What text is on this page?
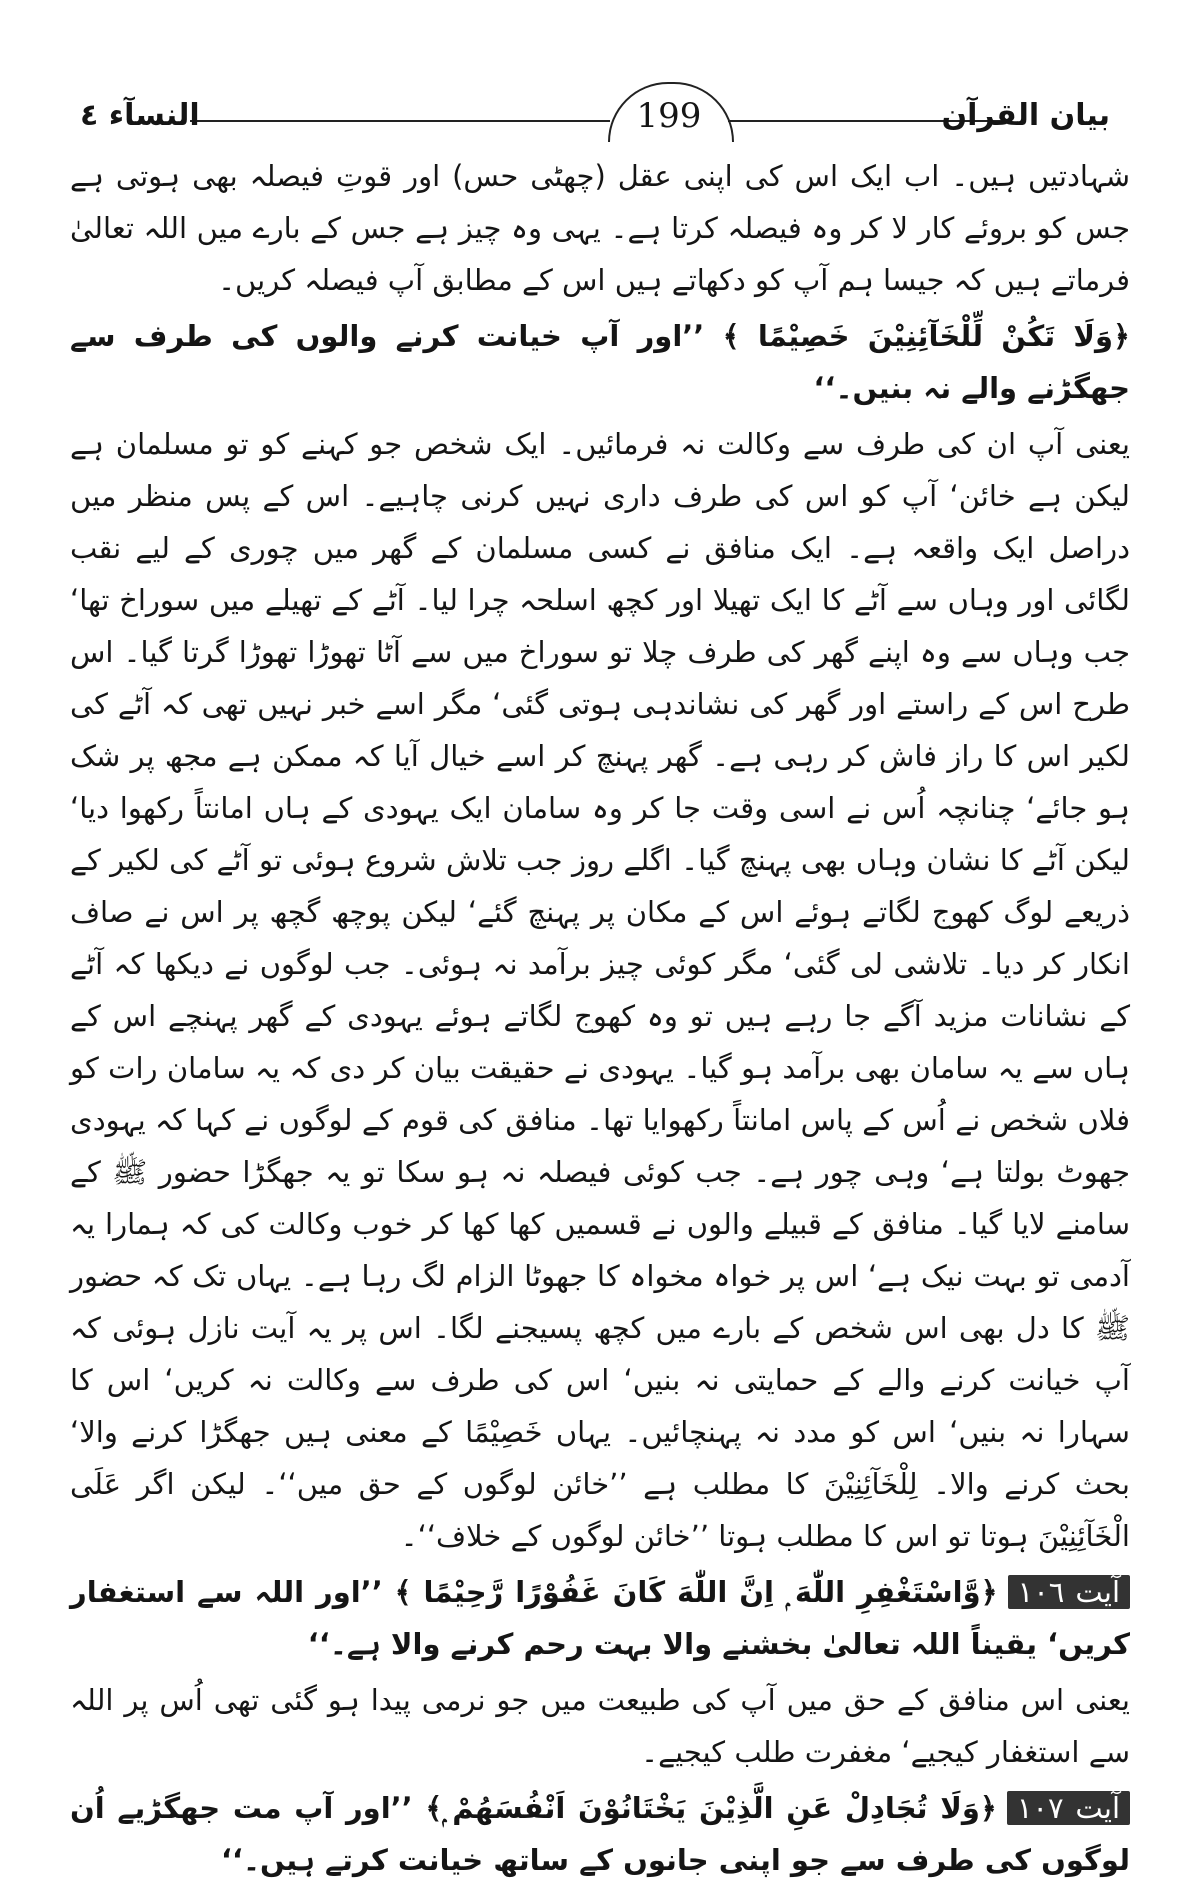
199
النسآء ٤	بیان القرآن

شہادتیں ہیں۔ اب ایک اس کی اپنی عقل (چھٹی حس) اور قوتِ فیصلہ بھی ہوتی ہے جس کو بروئے کار لا کر وہ فیصلہ کرتا ہے۔ یہی وہ چیز ہے جس کے بارے میں اللہ تعالیٰ فرماتے ہیں کہ جیسا ہم آپ کو دکھاتے ہیں اس کے مطابق آپ فیصلہ کریں۔

﴿وَلَا تَكُنْ لِّلْخَآئِنِيْنَ خَصِيْمًا ﴾ ’’اور آپ خیانت کرنے والوں کی طرف سے جھگڑنے والے نہ بنیں۔‘‘

یعنی آپ ان کی طرف سے وکالت نہ فرمائیں۔ ایک شخص جو کہنے کو تو مسلمان ہے لیکن ہے خائن‘ آپ کو اس کی طرف داری نہیں کرنی چاہیے۔ اس کے پس منظر میں دراصل ایک واقعہ ہے۔ ایک منافق نے کسی مسلمان کے گھر میں چوری کے لیے نقب لگائی اور وہاں سے آٹے کا ایک تھیلا اور کچھ اسلحہ چرا لیا۔ آٹے کے تھیلے میں سوراخ تھا‘ جب وہاں سے وہ اپنے گھر کی طرف چلا تو سوراخ میں سے آٹا تھوڑا تھوڑا گرتا گیا۔ اس طرح اس کے راستے اور گھر کی نشاندہی ہوتی گئی‘ مگر اسے خبر نہیں تھی کہ آٹے کی لکیر اس کا راز فاش کر رہی ہے۔ گھر پہنچ کر اسے خیال آیا کہ ممکن ہے مجھ پر شک ہو جائے‘ چنانچہ اُس نے اسی وقت جا کر وہ سامان ایک یہودی کے ہاں امانتاً رکھوا دیا‘ لیکن آٹے کا نشان وہاں بھی پہنچ گیا۔ اگلے روز جب تلاش شروع ہوئی تو آٹے کی لکیر کے ذریعے لوگ کھوج لگاتے ہوئے اس کے مکان پر پہنچ گئے‘ لیکن پوچھ گچھ پر اس نے صاف انکار کر دیا۔ تلاشی لی گئی‘ مگر کوئی چیز برآمد نہ ہوئی۔ جب لوگوں نے دیکھا کہ آٹے کے نشانات مزید آگے جا رہے ہیں تو وہ کھوج لگاتے ہوئے یہودی کے گھر پہنچے اس کے ہاں سے یہ سامان بھی برآمد ہو گیا۔ یہودی نے حقیقت بیان کر دی کہ یہ سامان رات کو فلاں شخص نے اُس کے پاس امانتاً رکھوایا تھا۔ منافق کی قوم کے لوگوں نے کہا کہ یہودی جھوٹ بولتا ہے‘ وہی چور ہے۔ جب کوئی فیصلہ نہ ہو سکا تو یہ جھگڑا حضور ﷺ کے سامنے لایا گیا۔ منافق کے قبیلے والوں نے قسمیں کھا کھا کر خوب وکالت کی کہ ہمارا یہ آدمی تو بہت نیک ہے‘ اس پر خواہ مخواہ کا جھوٹا الزام لگ رہا ہے۔ یہاں تک کہ حضور ﷺ کا دل بھی اس شخص کے بارے میں کچھ پسیجنے لگا۔ اس پر یہ آیت نازل ہوئی کہ آپ خیانت کرنے والے کے حمایتی نہ بنیں‘ اس کی طرف سے وکالت نہ کریں‘ اس کا سہارا نہ بنیں‘ اس کو مدد نہ پہنچائیں۔ یہاں خَصِيْمًا کے معنی ہیں جھگڑا کرنے والا‘ بحث کرنے والا۔ لِلْخَآئِنِيْنَ کا مطلب ہے ’’خائن لوگوں کے حق میں‘‘۔ لیکن اگر عَلَى الْخَآئِنِيْنَ ہوتا تو اس کا مطلب ہوتا ’’خائن لوگوں کے خلاف‘‘۔

آیت ١٠٦﴿وَّاسْتَغْفِرِ اللّٰهَ ۭ اِنَّ اللّٰهَ كَانَ غَفُوْرًا رَّحِيْمًا ﴾ ’’اور اللہ سے استغفار کریں‘ یقیناً اللہ تعالیٰ بخشنے والا بہت رحم کرنے والا ہے۔‘‘

یعنی اس منافق کے حق میں آپ کی طبیعت میں جو نرمی پیدا ہو گئی تھی اُس پر اللہ سے استغفار کیجیے‘ مغفرت طلب کیجیے۔

آیت ١٠٧﴿وَلَا تُجَادِلْ عَنِ الَّذِيْنَ يَخْتَانُوْنَ اَنْفُسَهُمْ ۭ﴾ ’’اور آپ مت جھگڑیے اُن لوگوں کی طرف سے جو اپنی جانوں کے ساتھ خیانت کرتے ہیں۔‘‘
